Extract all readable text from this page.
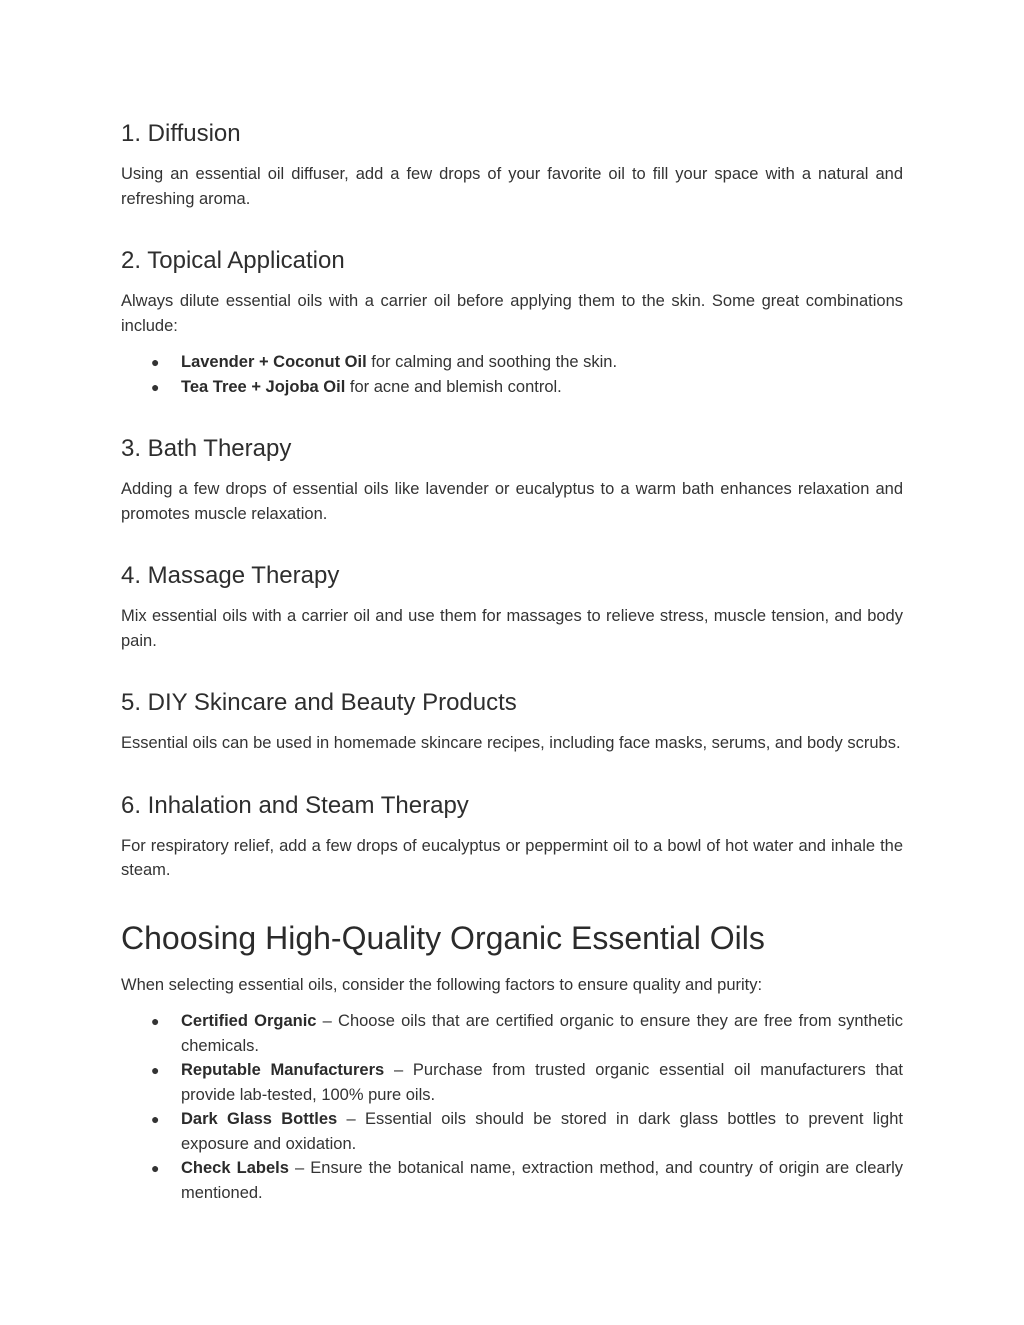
1. Diffusion

Using an essential oil diffuser, add a few drops of your favorite oil to fill your space with a natural and refreshing aroma.

2. Topical Application

Always dilute essential oils with a carrier oil before applying them to the skin. Some great combinations include:

● Lavender + Coconut Oil for calming and soothing the skin.
● Tea Tree + Jojoba Oil for acne and blemish control.
3. Bath Therapy

Adding a few drops of essential oils like lavender or eucalyptus to a warm bath enhances relaxation and promotes muscle relaxation.

4. Massage Therapy

Mix essential oils with a carrier oil and use them for massages to relieve stress, muscle tension, and body pain.

5. DIY Skincare and Beauty Products

Essential oils can be used in homemade skincare recipes, including face masks, serums, and body scrubs.

6. Inhalation and Steam Therapy

For respiratory relief, add a few drops of eucalyptus or peppermint oil to a bowl of hot water and inhale the steam.

Choosing High-Quality Organic Essential Oils

When selecting essential oils, consider the following factors to ensure quality and purity:

● Certified Organic – Choose oils that are certified organic to ensure they are free from synthetic chemicals.
● Reputable Manufacturers – Purchase from trusted organic essential oil manufacturers that provide lab-tested, 100% pure oils.
● Dark Glass Bottles – Essential oils should be stored in dark glass bottles to prevent light exposure and oxidation.
● Check Labels – Ensure the botanical name, extraction method, and country of origin are clearly mentioned.
